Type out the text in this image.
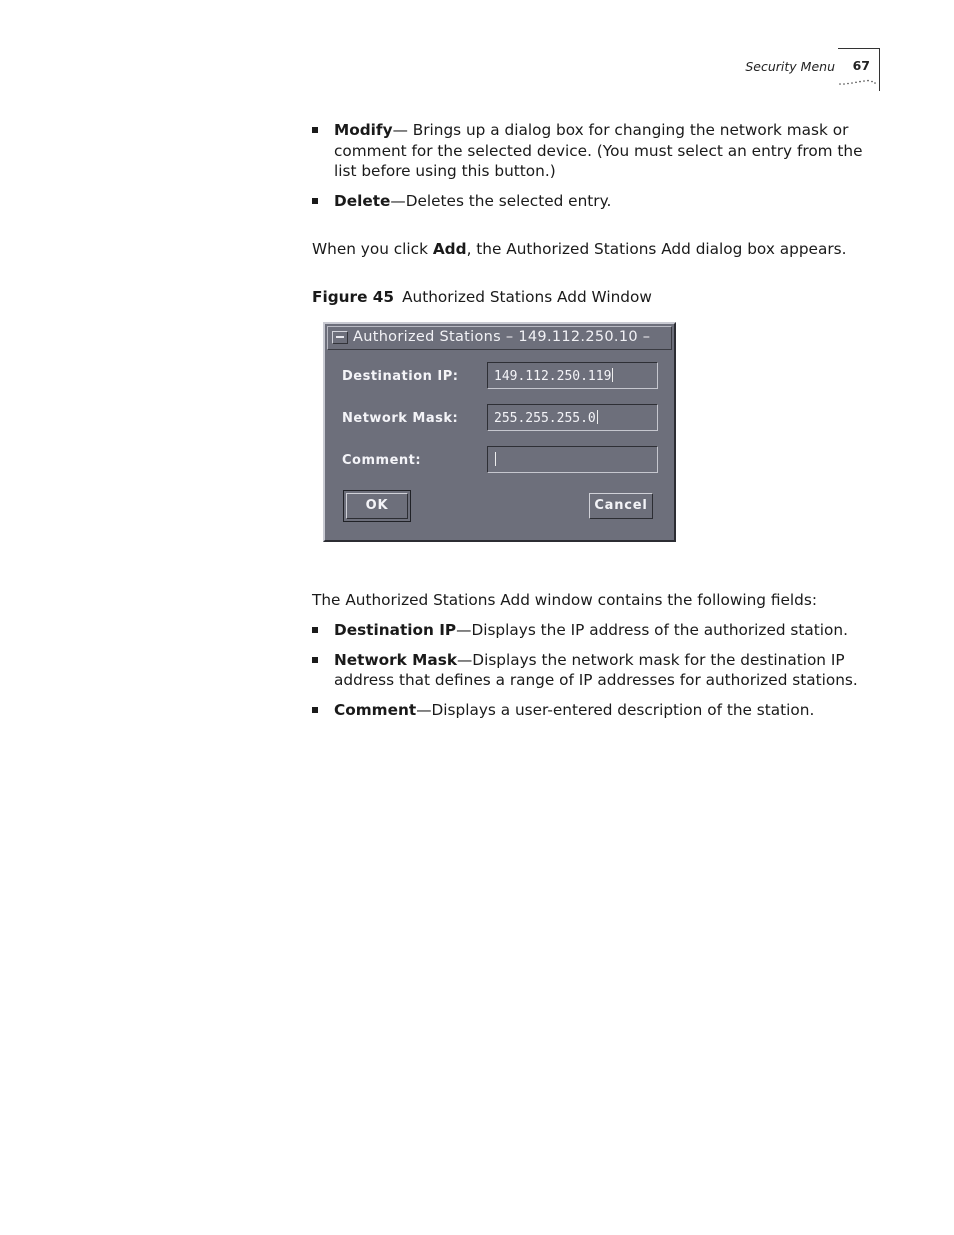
Security Menu 67
Modify— Brings up a dialog box for changing the network mask or comment for the selected device. (You must select an entry from the list before using this button.)
Delete—Deletes the selected entry.

When you click Add, the Authorized Stations Add dialog box appears.

Figure 45 Authorized Stations Add Window

Authorized Stations – 149.112.250.10 –
Destination IP:	149.112.250.119
Network Mask:	255.255.255.0
Comment:
OK	Cancel

The Authorized Stations Add window contains the following fields:

Destination IP—Displays the IP address of the authorized station.
Network Mask—Displays the network mask for the destination IP address that defines a range of IP addresses for authorized stations.
Comment—Displays a user-entered description of the station.
